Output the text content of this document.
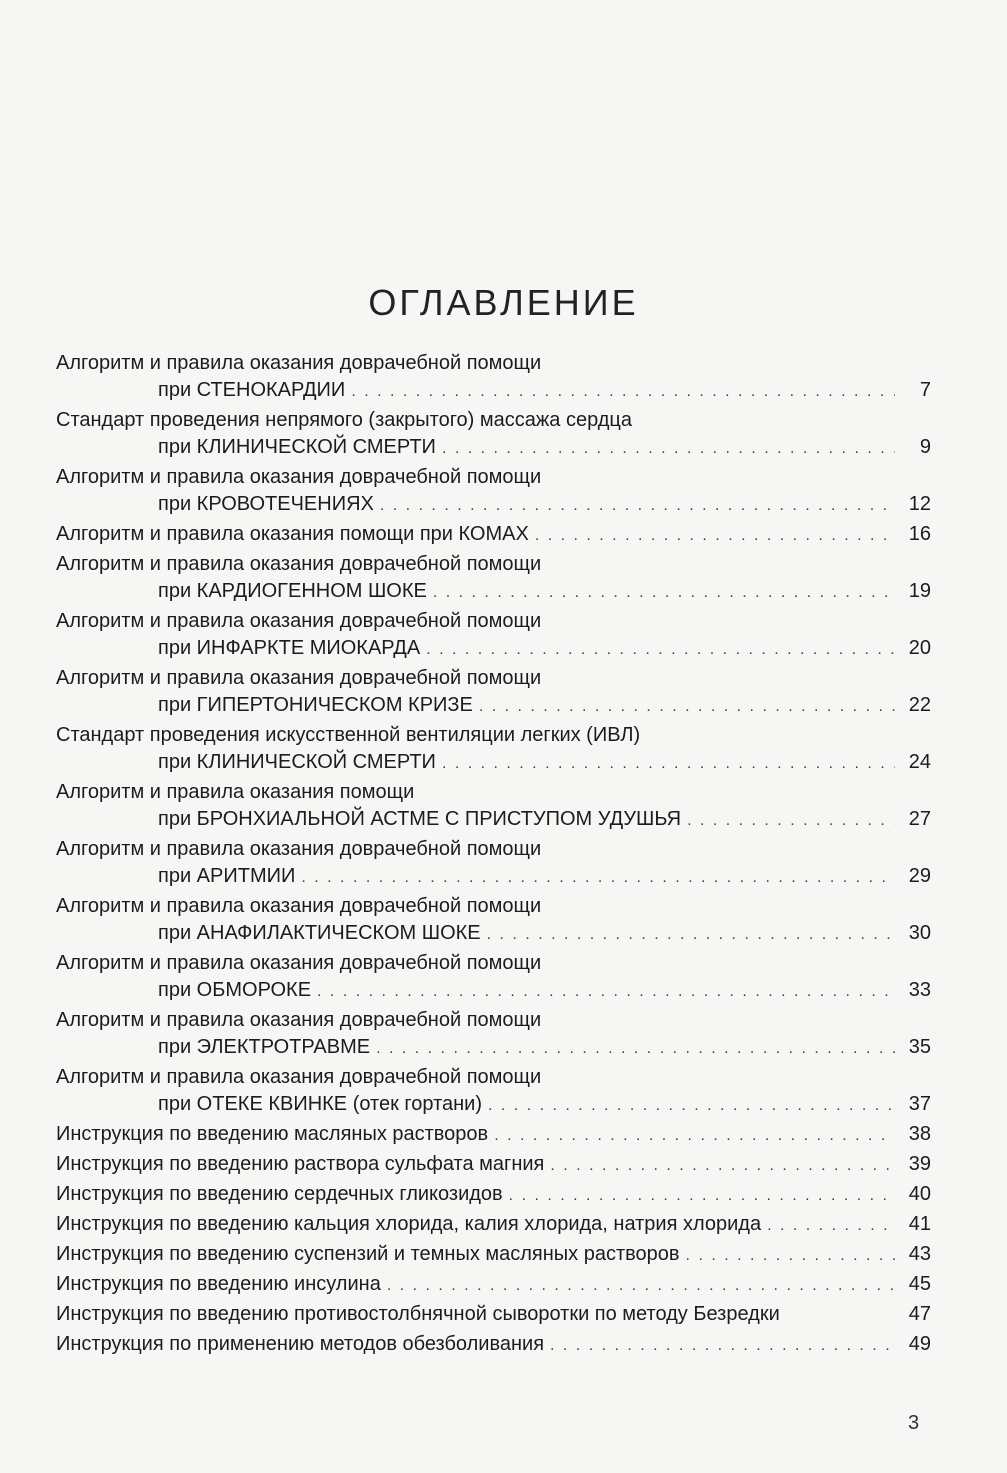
ОГЛАВЛЕНИЕ
Алгоритм и правила оказания доврачебной помощи
при СТЕНОКАРДИИ . . .	7
Стандарт проведения непрямого (закрытого) массажа сердца
при КЛИНИЧЕСКОЙ СМЕРТИ . . .	9
Алгоритм и правила оказания доврачебной помощи
при КРОВОТЕЧЕНИЯХ . . .	12
Алгоритм и правила оказания помощи при КОМАХ . . .	16
Алгоритм и правила оказания доврачебной помощи
при КАРДИОГЕННОМ ШОКЕ . . .	19
Алгоритм и правила оказания доврачебной помощи
при ИНФАРКТЕ МИОКАРДА . . .	20
Алгоритм и правила оказания доврачебной помощи
при ГИПЕРТОНИЧЕСКОМ КРИЗЕ . . .	22
Стандарт проведения искусственной вентиляции легких (ИВЛ)
при КЛИНИЧЕСКОЙ СМЕРТИ . . .	24
Алгоритм и правила оказания помощи
при БРОНХИАЛЬНОЙ АСТМЕ С ПРИСТУПОМ УДУШЬЯ . . .	27
Алгоритм и правила оказания доврачебной помощи
при АРИТМИИ . . .	29
Алгоритм и правила оказания доврачебной помощи
при АНАФИЛАКТИЧЕСКОМ ШОКЕ . . .	30
Алгоритм и правила оказания доврачебной помощи
при ОБМОРОКЕ . . .	33
Алгоритм и правила оказания доврачебной помощи
при ЭЛЕКТРОТРАВМЕ . . .	35
Алгоритм и правила оказания доврачебной помощи
при ОТЕКЕ КВИНКЕ (отек гортани) . . .	37
Инструкция по введению масляных растворов . . .	38
Инструкция по введению раствора сульфата магния . . .	39
Инструкция по введению сердечных гликозидов . . .	40
Инструкция по введению кальция хлорида, калия хлорида, натрия хлорида . . .	41
Инструкция по введению суспензий и темных масляных растворов . . .	43
Инструкция по введению инсулина . . .	45
Инструкция по введению противостолбнячной сыворотки по методу Безредки	47
Инструкция по применению методов обезболивания . . .	49
3
